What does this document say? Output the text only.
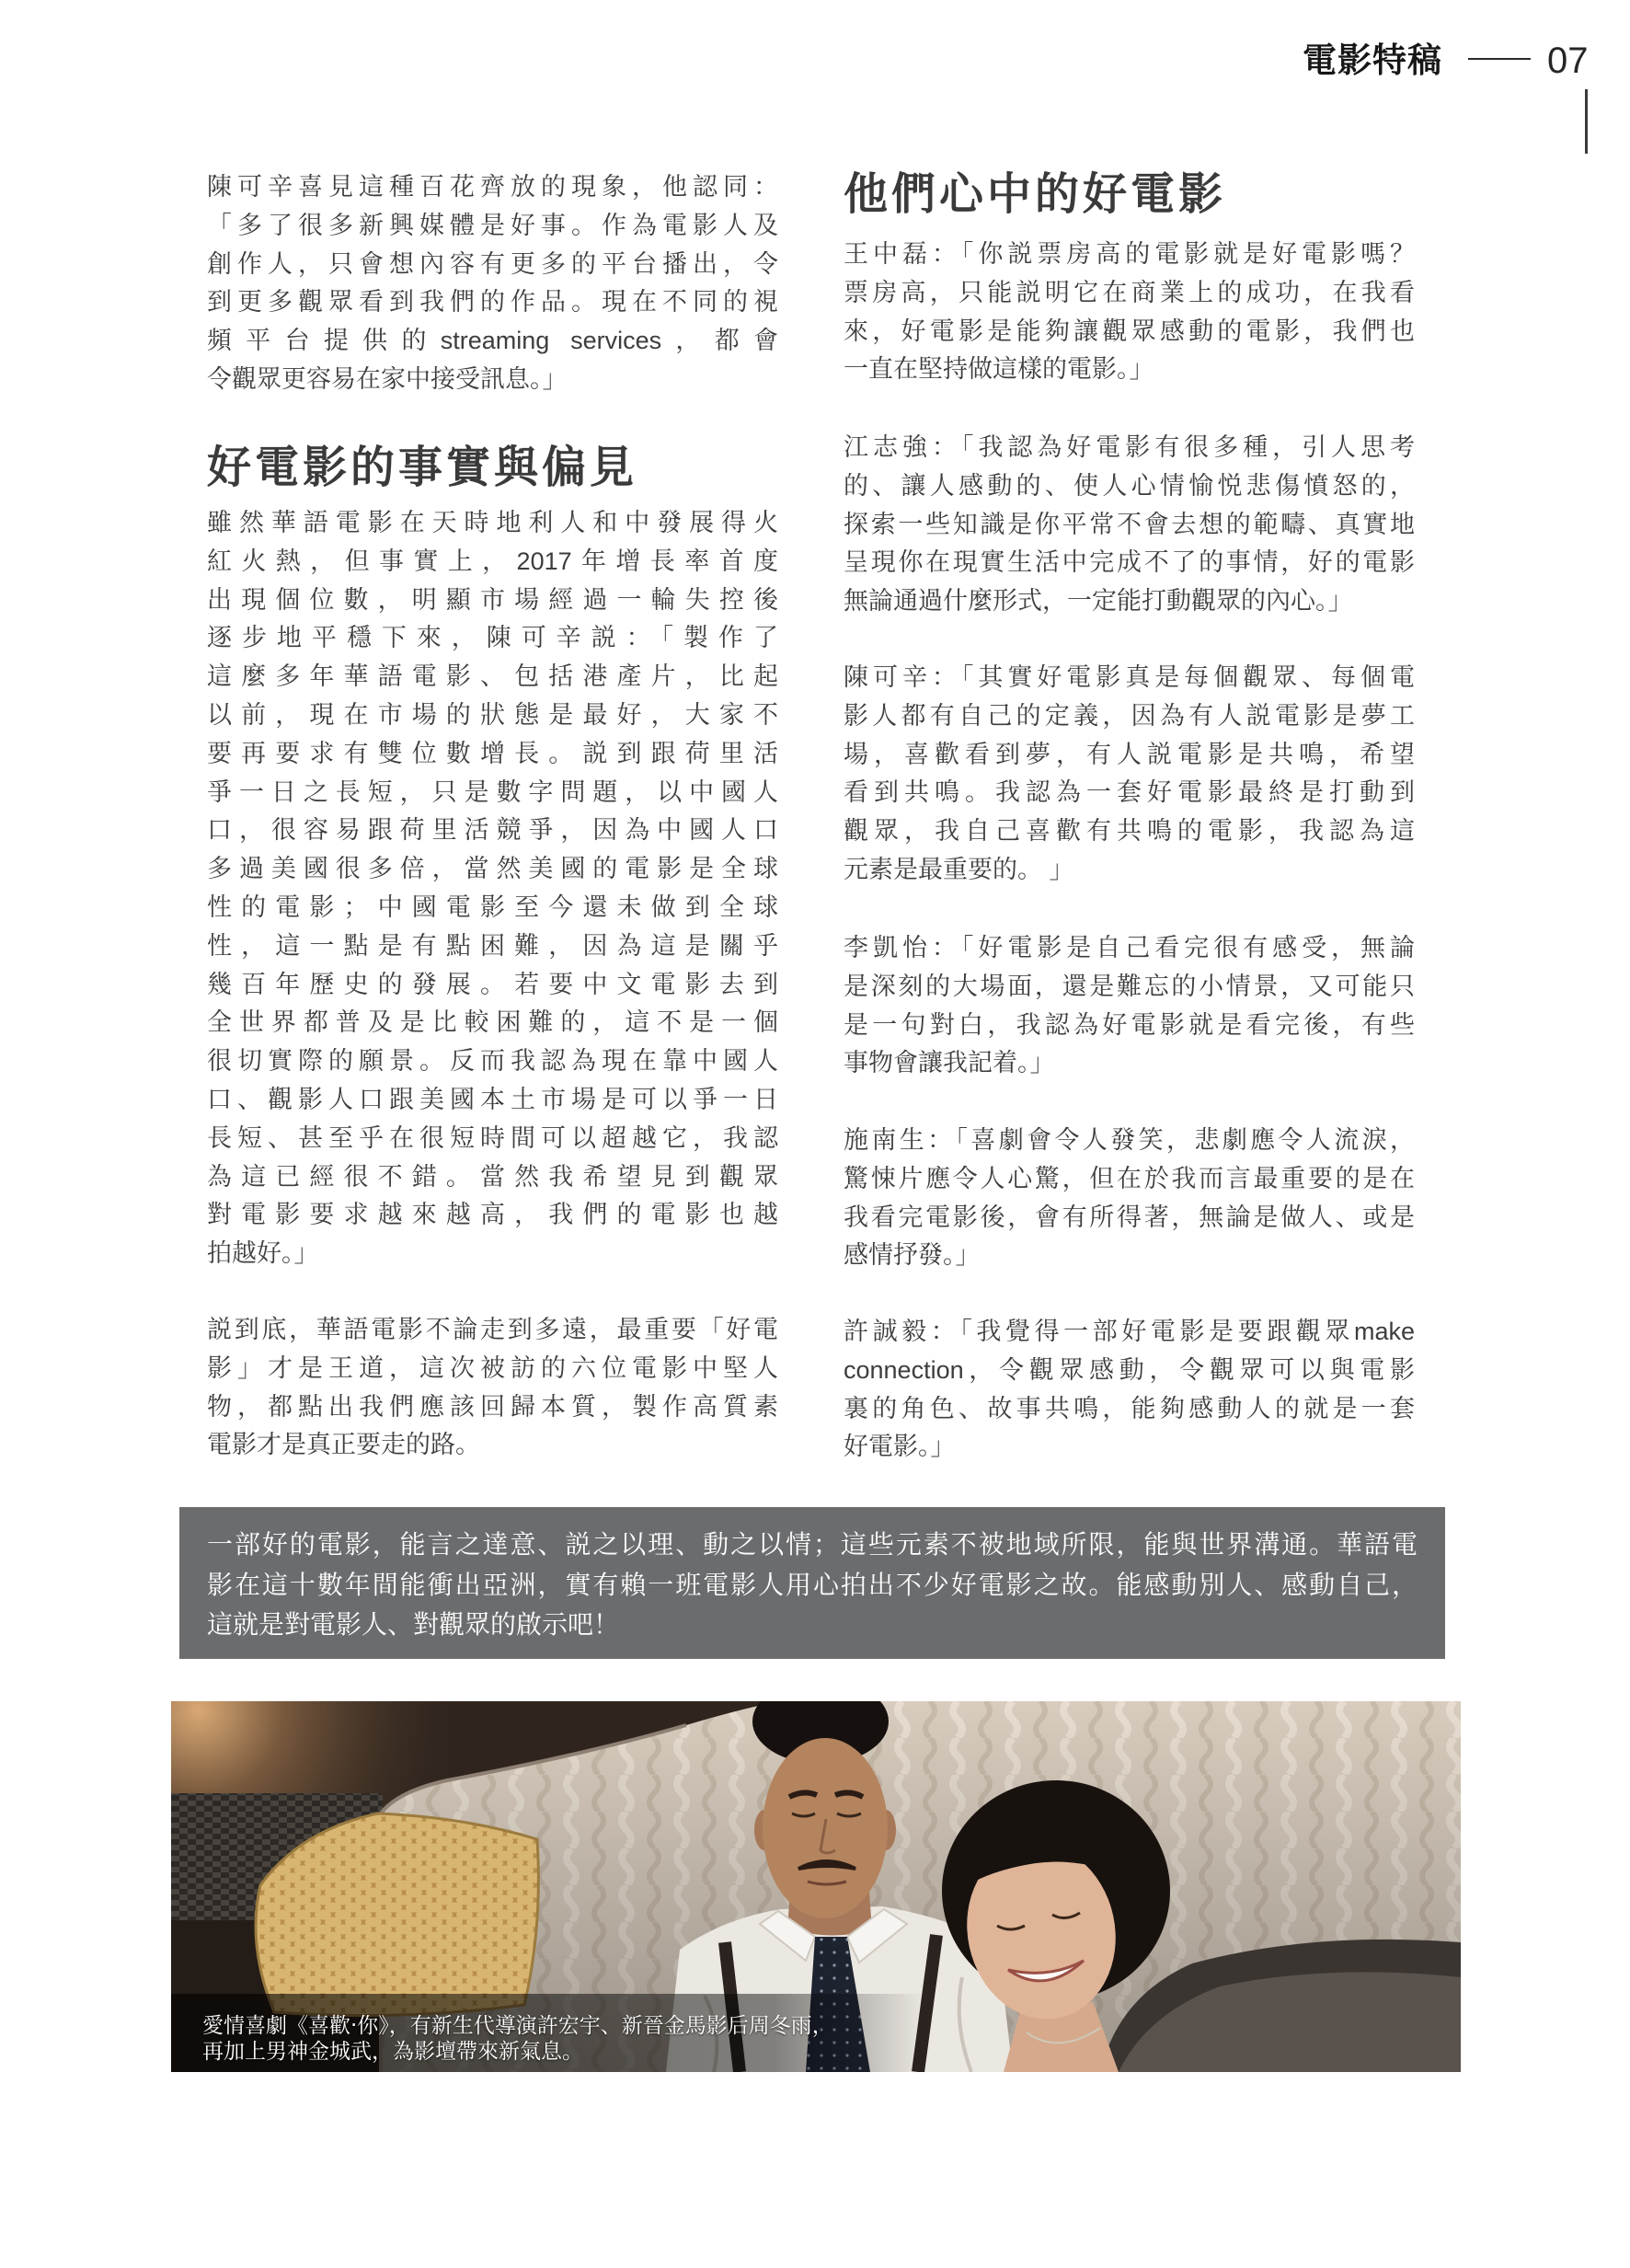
電影特稿	07
陳可辛喜見這種百花齊放的現象，他認同：
「多了很多新興媒體是好事。作為電影人及
創作人，只會想內容有更多的平台播出，令
到更多觀眾看到我們的作品。現在不同的視
頻平台提供的streaming services，都會
令觀眾更容易在家中接受訊息。」
好電影的事實與偏見
雖然華語電影在天時地利人和中發展得火
紅火熱，但事實上，2017年增長率首度
出現個位數，明顯市場經過一輪失控後
逐步地平穩下來，陳可辛説：「製作了
這麼多年華語電影、包括港產片，比起
以前，現在市場的狀態是最好，大家不
要再要求有雙位數增長。説到跟荷里活
爭一日之長短，只是數字問題，以中國人
口，很容易跟荷里活競爭，因為中國人口
多過美國很多倍，當然美國的電影是全球
性的電影；中國電影至今還未做到全球
性，這一點是有點困難，因為這是關乎
幾百年歷史的發展。若要中文電影去到
全世界都普及是比較困難的，這不是一個
很切實際的願景。反而我認為現在靠中國人
口、觀影人口跟美國本土市場是可以爭一日
長短、甚至乎在很短時間可以超越它，我認
為這已經很不錯。當然我希望見到觀眾
對電影要求越來越高，我們的電影也越
拍越好。」
説到底，華語電影不論走到多遠，最重要「好電
影」才是王道，這次被訪的六位電影中堅人
物，都點出我們應該回歸本質，製作高質素
電影才是真正要走的路。
他們心中的好電影
王中磊：「你説票房高的電影就是好電影嗎？
票房高，只能説明它在商業上的成功，在我看
來，好電影是能夠讓觀眾感動的電影，我們也
一直在堅持做這樣的電影。」
江志強：「我認為好電影有很多種，引人思考
的、讓人感動的、使人心情愉悦悲傷憤怒的，
探索一些知識是你平常不會去想的範疇、真實地
呈現你在現實生活中完成不了的事情，好的電影
無論通過什麼形式，一定能打動觀眾的內心。」
陳可辛：「其實好電影真是每個觀眾、每個電
影人都有自己的定義，因為有人説電影是夢工
場，喜歡看到夢，有人説電影是共鳴，希望
看到共鳴。我認為一套好電影最終是打動到
觀眾，我自己喜歡有共鳴的電影，我認為這
元素是最重要的。 」
李凱怡：「好電影是自己看完很有感受，無論
是深刻的大場面，還是難忘的小情景，又可能只
是一句對白，我認為好電影就是看完後，有些
事物會讓我記着。」
施南生：「喜劇會令人發笑，悲劇應令人流淚，
驚悚片應令人心驚，但在於我而言最重要的是在
我看完電影後，會有所得著，無論是做人、或是
感情抒發。」
許誠毅：「我覺得一部好電影是要跟觀眾make
connection，令觀眾感動，令觀眾可以與電影
裏的角色、故事共鳴，能夠感動人的就是一套
好電影。」
一部好的電影，能言之達意、説之以理、動之以情；這些元素不被地域所限，能與世界溝通。華語電
影在這十數年間能衝出亞洲，實有賴一班電影人用心拍出不少好電影之故。能感動別人、感動自己，
這就是對電影人、對觀眾的啟示吧！
愛情喜劇《喜歡‧你》，有新生代導演許宏宇、新晉金馬影后周冬雨，
再加上男神金城武，為影壇帶來新氣息。
